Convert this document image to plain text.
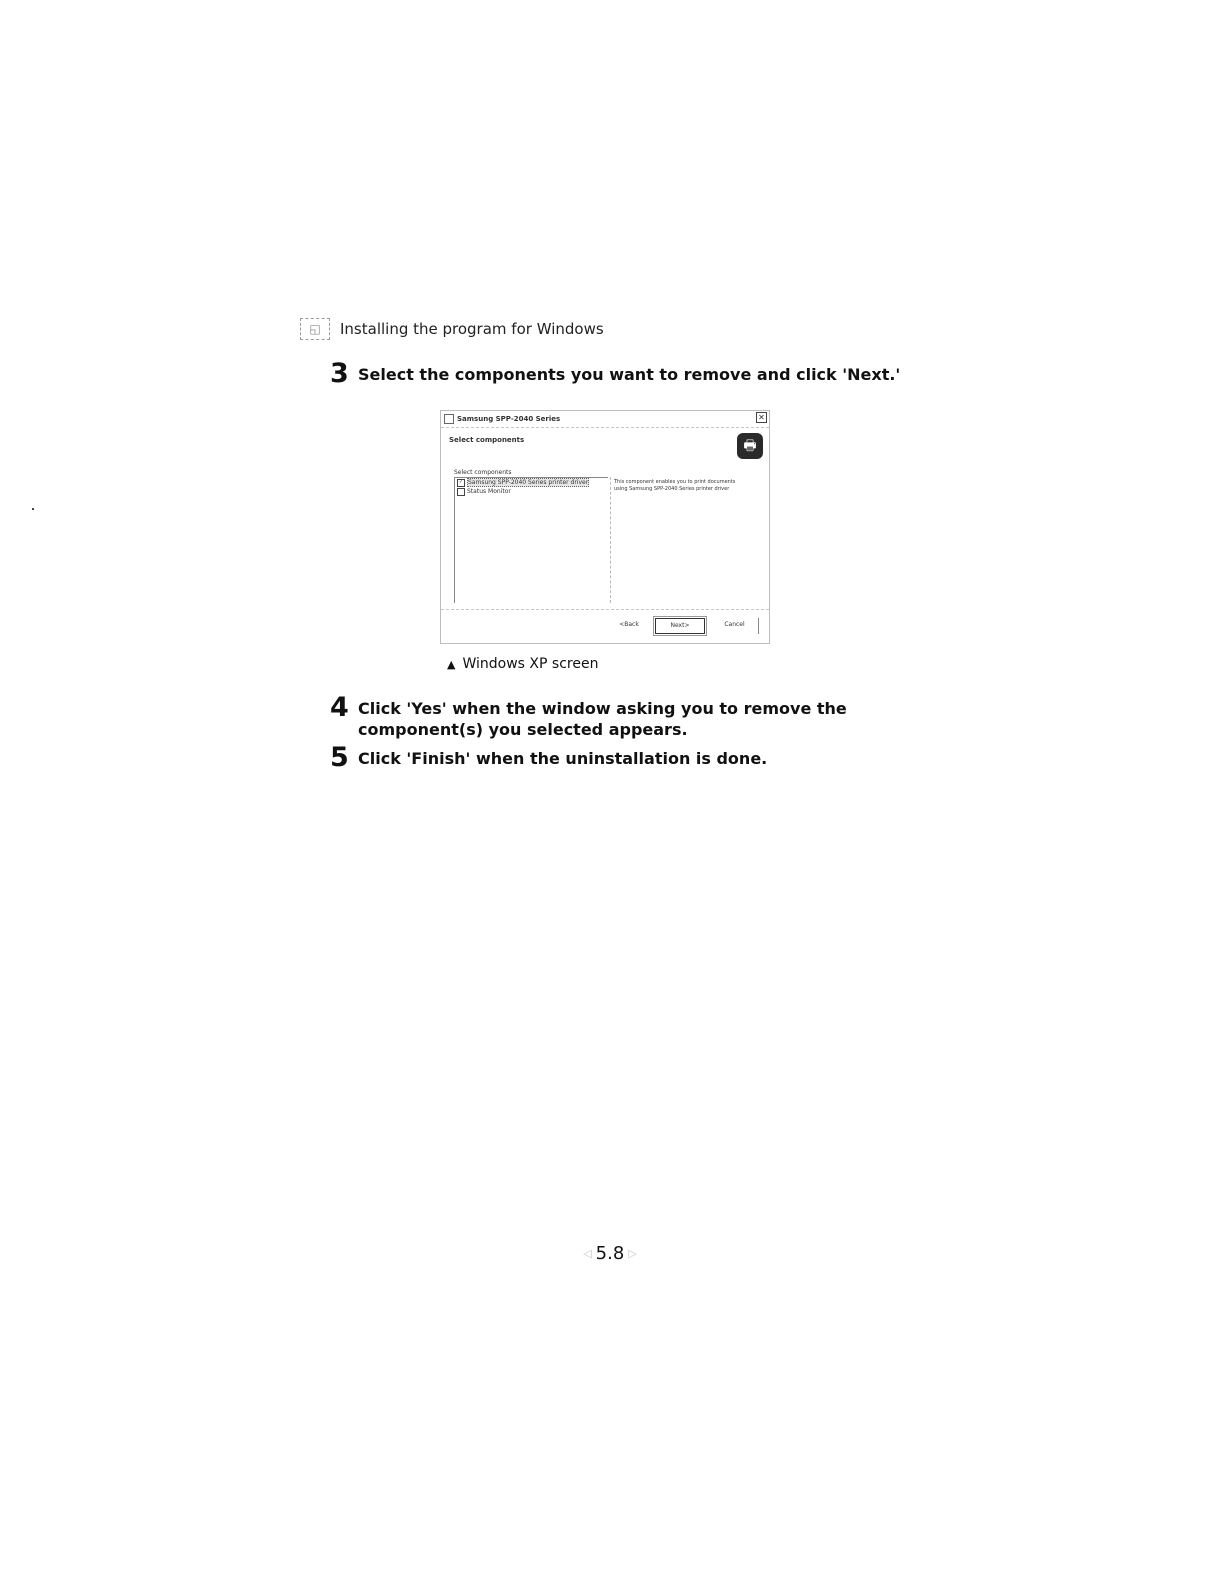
◱	Installing the program for Windows
3 Select the components you want to remove and click 'Next.'
Samsung SPP-2040 Series	✕
Select components	🖶
Select components
✓ Samsung SPP-2040 Series printer driver
Status Monitor
This component enables you to print documents
using Samsung SPP-2040 Series printer driver
<Back	Next>	Cancel
▲ Windows XP screen
4 Click 'Yes' when the window asking you to remove the
component(s) you selected appears.
5 Click 'Finish' when the uninstallation is done.
◁ 5.8 ▷
